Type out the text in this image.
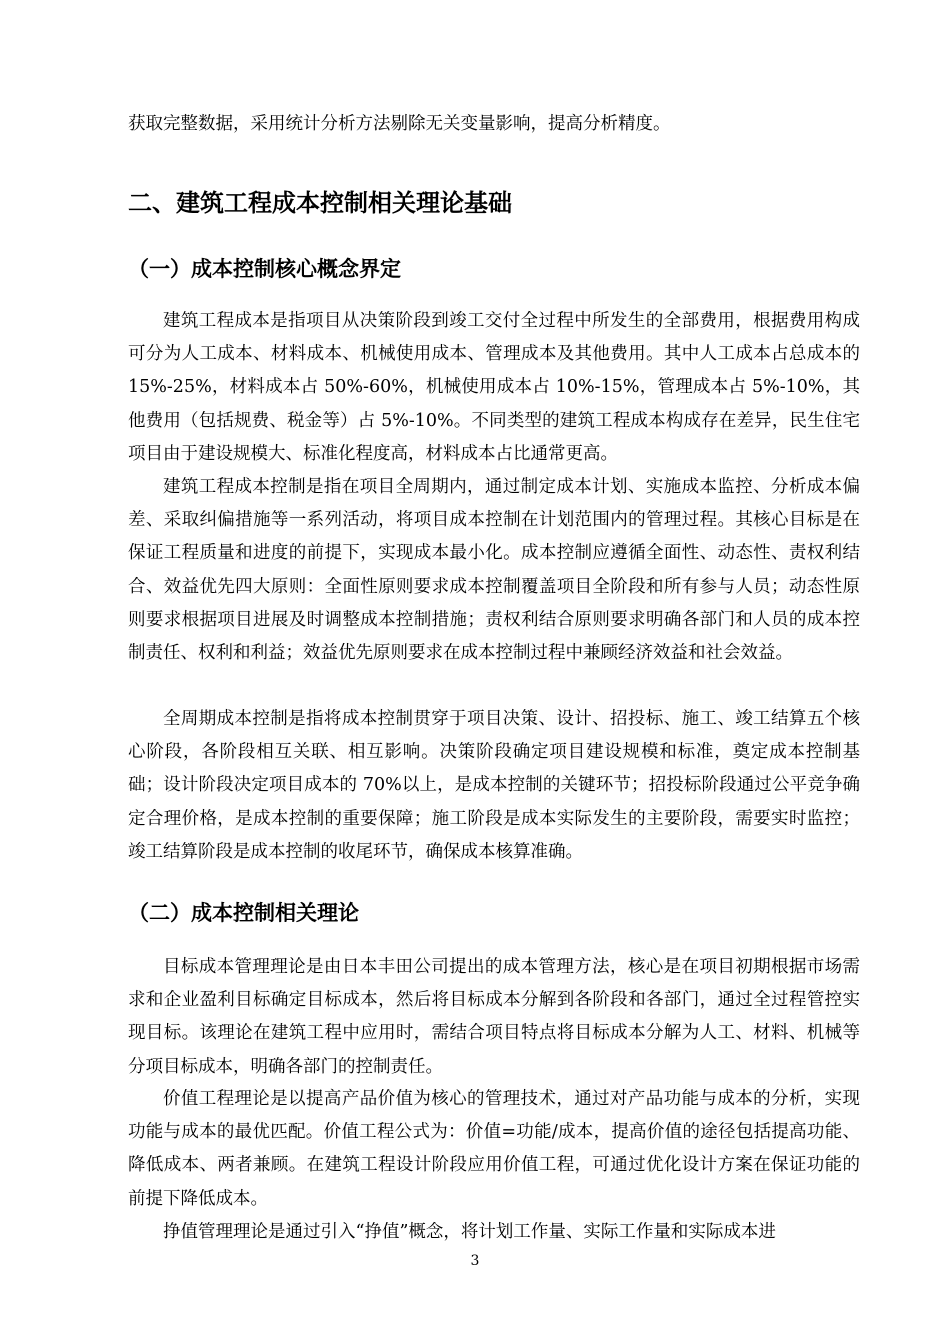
获取完整数据，采用统计分析方法剔除无关变量影响，提高分析精度。

二、建筑工程成本控制相关理论基础
（一）成本控制核心概念界定

建筑工程成本是指项目从决策阶段到竣工交付全过程中所发生的全部费用，根据费用构成可分为人工成本、材料成本、机械使用成本、管理成本及其他费用。其中人工成本占总成本的 15%-25%，材料成本占 50%-60%，机械使用成本占 10%-15%，管理成本占 5%-10%，其他费用（包括规费、税金等）占 5%-10%。不同类型的建筑工程成本构成存在差异，民生住宅项目由于建设规模大、标准化程度高，材料成本占比通常更高。

建筑工程成本控制是指在项目全周期内，通过制定成本计划、实施成本监控、分析成本偏差、采取纠偏措施等一系列活动，将项目成本控制在计划范围内的管理过程。其核心目标是在保证工程质量和进度的前提下，实现成本最小化。成本控制应遵循全面性、动态性、责权利结合、效益优先四大原则：全面性原则要求成本控制覆盖项目全阶段和所有参与人员；动态性原则要求根据项目进展及时调整成本控制措施；责权利结合原则要求明确各部门和人员的成本控制责任、权利和利益；效益优先原则要求在成本控制过程中兼顾经济效益和社会效益。

全周期成本控制是指将成本控制贯穿于项目决策、设计、招投标、施工、竣工结算五个核心阶段，各阶段相互关联、相互影响。决策阶段确定项目建设规模和标准，奠定成本控制基础；设计阶段决定项目成本的 70%以上，是成本控制的关键环节；招投标阶段通过公平竞争确定合理价格，是成本控制的重要保障；施工阶段是成本实际发生的主要阶段，需要实时监控；竣工结算阶段是成本控制的收尾环节，确保成本核算准确。

（二）成本控制相关理论

目标成本管理理论是由日本丰田公司提出的成本管理方法，核心是在项目初期根据市场需求和企业盈利目标确定目标成本，然后将目标成本分解到各阶段和各部门，通过全过程管控实现目标。该理论在建筑工程中应用时，需结合项目特点将目标成本分解为人工、材料、机械等分项目标成本，明确各部门的控制责任。

价值工程理论是以提高产品价值为核心的管理技术，通过对产品功能与成本的分析，实现功能与成本的最优匹配。价值工程公式为：价值=功能/成本，提高价值的途径包括提高功能、降低成本、两者兼顾。在建筑工程设计阶段应用价值工程，可通过优化设计方案在保证功能的前提下降低成本。

挣值管理理论是通过引入“挣值”概念，将计划工作量、实际工作量和实际成本进

3
